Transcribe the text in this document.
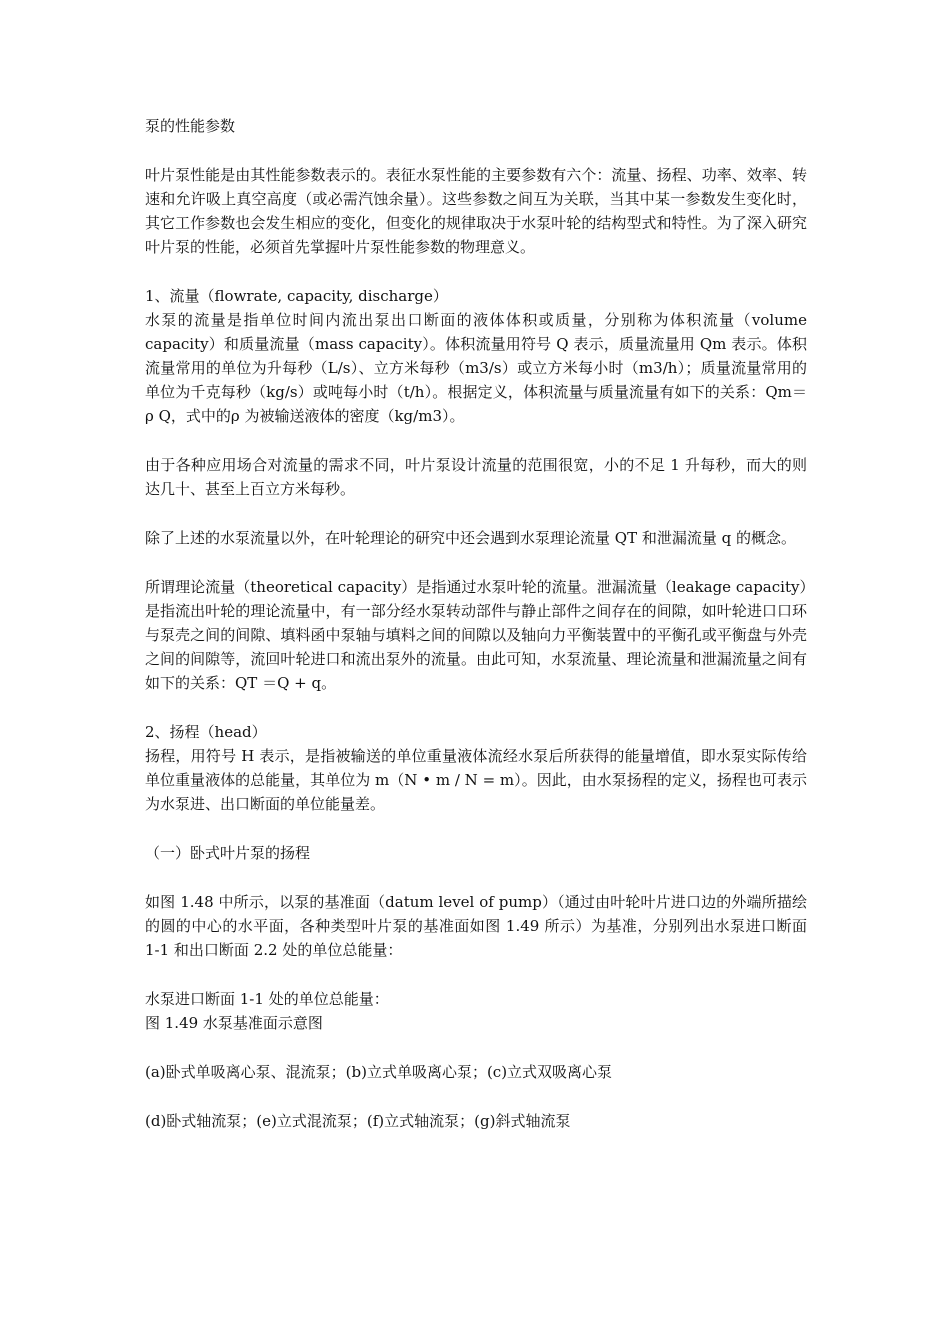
泵的性能参数

叶片泵性能是由其性能参数表示的。表征水泵性能的主要参数有六个：流量、扬程、功率、效率、转速和允许吸上真空高度（或必需汽蚀余量）。这些参数之间互为关联，当其中某一参数发生变化时，其它工作参数也会发生相应的变化，但变化的规律取决于水泵叶轮的结构型式和特性。为了深入研究叶片泵的性能，必须首先掌握叶片泵性能参数的物理意义。

1、流量（flowrate, capacity, discharge）

水泵的流量是指单位时间内流出泵出口断面的液体体积或质量，分别称为体积流量（volume capacity）和质量流量（mass capacity）。体积流量用符号 Q 表示，质量流量用 Qm 表示。体积流量常用的单位为升每秒（L/s）、立方米每秒（m3/s）或立方米每小时（m3/h）；质量流量常用的单位为千克每秒（kg/s）或吨每小时（t/h）。根据定义，体积流量与质量流量有如下的关系：Qm＝ρ Q，式中的ρ 为被输送液体的密度（kg/m3）。

由于各种应用场合对流量的需求不同，叶片泵设计流量的范围很宽，小的不足 1 升每秒，而大的则达几十、甚至上百立方米每秒。

除了上述的水泵流量以外，在叶轮理论的研究中还会遇到水泵理论流量 QT 和泄漏流量 q 的概念。

所谓理论流量（theoretical capacity）是指通过水泵叶轮的流量。泄漏流量（leakage capacity）是指流出叶轮的理论流量中，有一部分经水泵转动部件与静止部件之间存在的间隙，如叶轮进口口环与泵壳之间的间隙、填料函中泵轴与填料之间的间隙以及轴向力平衡装置中的平衡孔或平衡盘与外壳之间的间隙等，流回叶轮进口和流出泵外的流量。由此可知，水泵流量、理论流量和泄漏流量之间有如下的关系：QT ＝Q + q。

2、扬程（head）

扬程，用符号 H 表示，是指被输送的单位重量液体流经水泵后所获得的能量增值，即水泵实际传给单位重量液体的总能量，其单位为 m（N • m / N = m）。因此，由水泵扬程的定义，扬程也可表示为水泵进、出口断面的单位能量差。

（一）卧式叶片泵的扬程

如图 1.48 中所示，以泵的基准面（datum level of pump）（通过由叶轮叶片进口边的外端所描绘的圆的中心的水平面，各种类型叶片泵的基准面如图 1.49 所示）为基准，分别列出水泵进口断面 1-1 和出口断面 2.2 处的单位总能量：

水泵进口断面 1-1 处的单位总能量：

图 1.49 水泵基准面示意图

(a)卧式单吸离心泵、混流泵；(b)立式单吸离心泵；(c)立式双吸离心泵

(d)卧式轴流泵；(e)立式混流泵；(f)立式轴流泵；(g)斜式轴流泵
